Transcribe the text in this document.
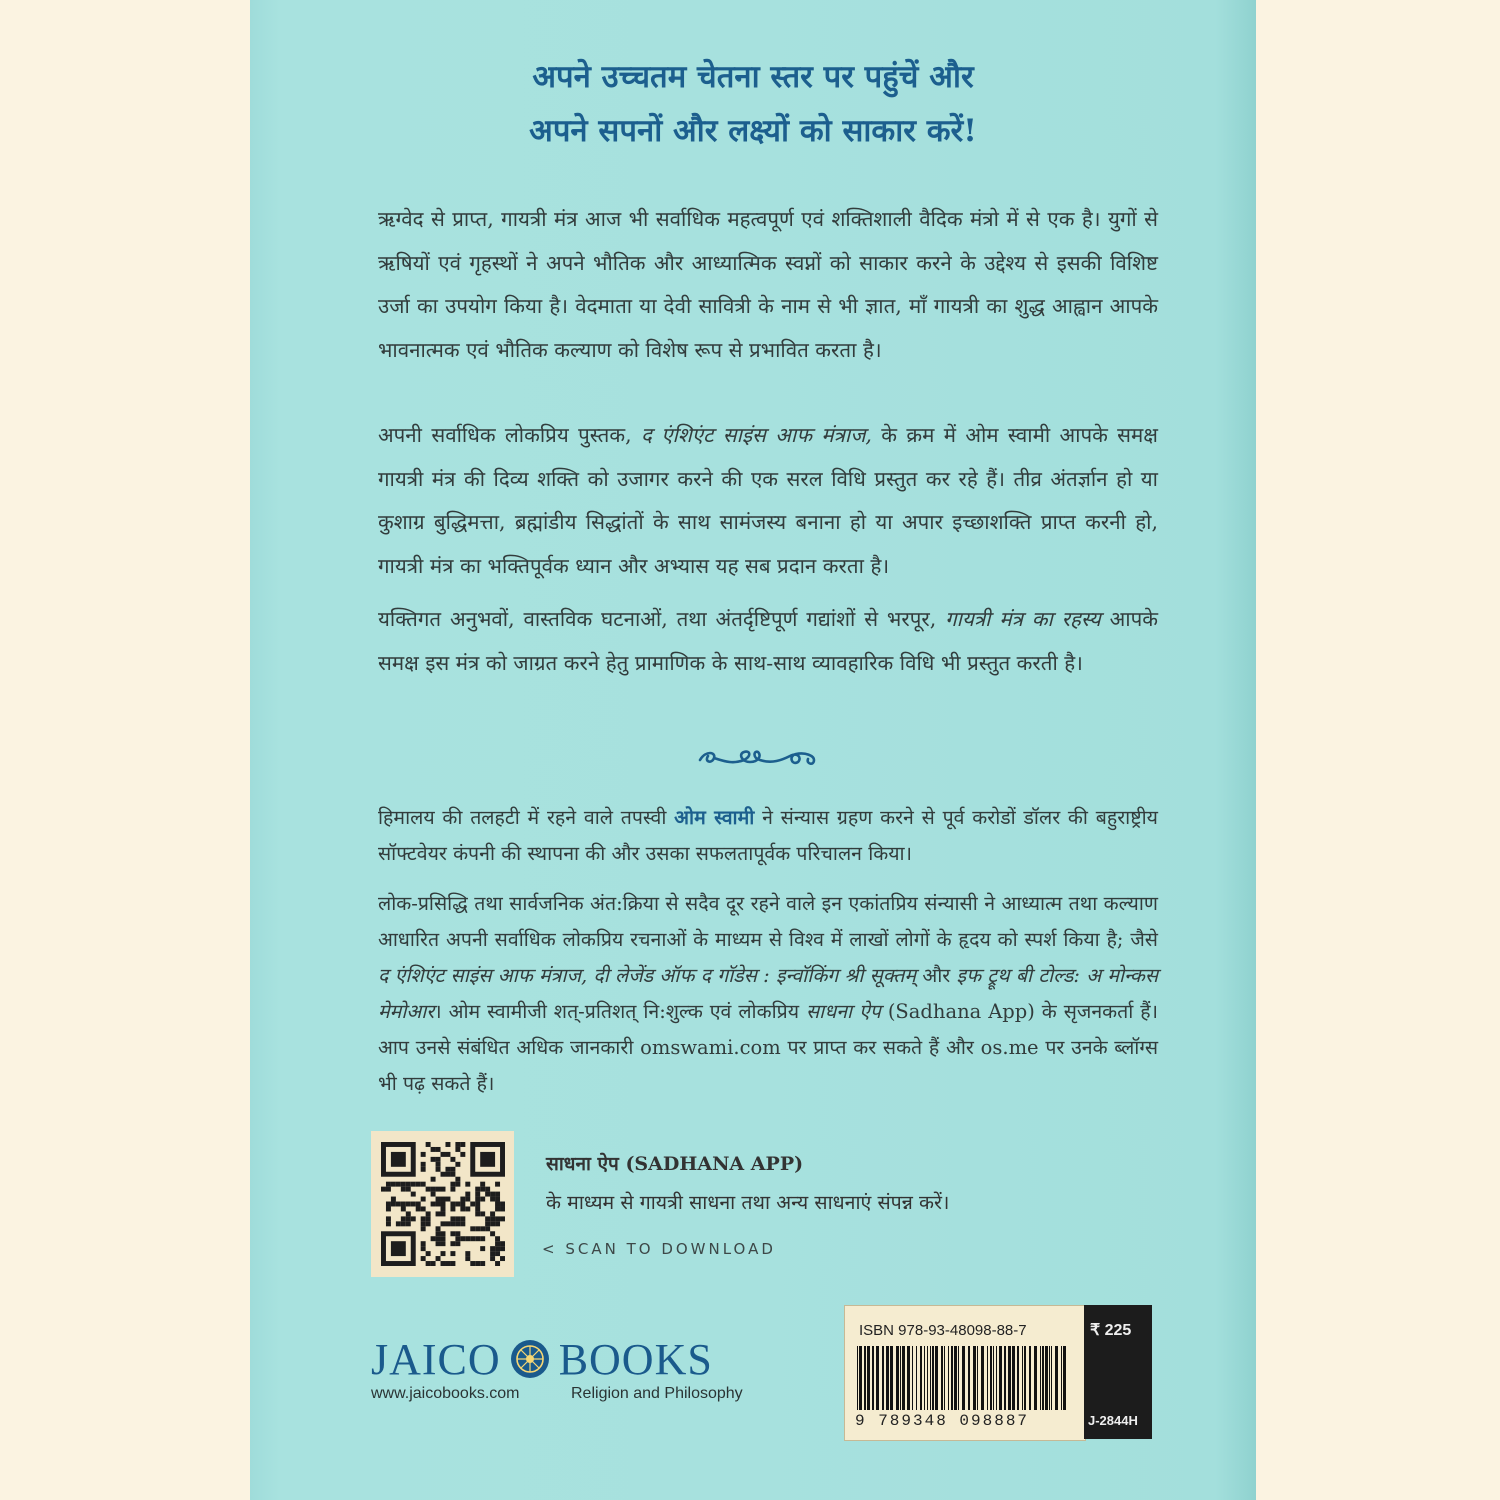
अपने उच्चतम चेतना स्तर पर पहुंचें और
अपने सपनों और लक्ष्यों को साकार करें!
ऋग्वेद से प्राप्त, गायत्री मंत्र आज भी सर्वाधिक महत्वपूर्ण एवं शक्तिशाली वैदिक मंत्रो में से एक है। युगों से ऋषियों एवं गृहस्थों ने अपने भौतिक और आध्यात्मिक स्वप्नों को साकार करने के उद्देश्य से इसकी विशिष्ट उर्जा का उपयोग किया है। वेदमाता या देवी सावित्री के नाम से भी ज्ञात, माँ गायत्री का शुद्ध आह्वान आपके भावनात्मक एवं भौतिक कल्याण को विशेष रूप से प्रभावित करता है।
अपनी सर्वाधिक लोकप्रिय पुस्तक, द एंशिएंट साइंस आफ मंत्राज, के क्रम में ओम स्वामी आपके समक्ष गायत्री मंत्र की दिव्य शक्ति को उजागर करने की एक सरल विधि प्रस्तुत कर रहे हैं। तीव्र अंतर्ज्ञान हो या कुशाग्र बुद्धिमत्ता, ब्रह्मांडीय सिद्धांतों के साथ सामंजस्य बनाना हो या अपार इच्छाशक्ति प्राप्त करनी हो, गायत्री मंत्र का भक्तिपूर्वक ध्यान और अभ्यास यह सब प्रदान करता है।
यक्तिगत अनुभवों, वास्तविक घटनाओं, तथा अंतर्दृष्टिपूर्ण गद्यांशों से भरपूर, गायत्री मंत्र का रहस्य आपके समक्ष इस मंत्र को जाग्रत करने हेतु प्रामाणिक के साथ-साथ व्यावहारिक विधि भी प्रस्तुत करती है।
हिमालय की तलहटी में रहने वाले तपस्वी ओम स्वामी ने संन्यास ग्रहण करने से पूर्व करोडों डॉलर की बहुराष्ट्रीय सॉफ्टवेयर कंपनी की स्थापना की और उसका सफलतापूर्वक परिचालन किया।
लोक-प्रसिद्धि तथा सार्वजनिक अंत:क्रिया से सदैव दूर रहने वाले इन एकांतप्रिय संन्यासी ने आध्यात्म तथा कल्याण आधारित अपनी सर्वाधिक लोकप्रिय रचनाओं के माध्यम से विश्व में लाखों लोगों के हृदय को स्पर्श किया है; जैसे द एंशिएंट साइंस आफ मंत्राज, दी लेजेंड ऑफ द गॉडेस : इन्वॉकिंग श्री सूक्तम् और इफ ट्रूथ बी टोल्ड: अ मोन्कस मेमोआर। ओम स्वामीजी शत्-प्रतिशत् नि:शुल्क एवं लोकप्रिय साधना ऐप (Sadhana App) के सृजनकर्ता हैं। आप उनसे संबंधित अधिक जानकारी omswami.com पर प्राप्त कर सकते हैं और os.me पर उनके ब्लॉग्स भी पढ़ सकते हैं।
साधना ऐप (SADHANA APP)
के माध्यम से गायत्री साधना तथा अन्य साधनाएं संपन्न करें।
< SCAN TO DOWNLOAD
JAICO BOOKS
www.jaicobooks.com	Religion and Philosophy
ISBN 978-93-48098-88-7
9 789348 098887
₹ 225
J-2844H
